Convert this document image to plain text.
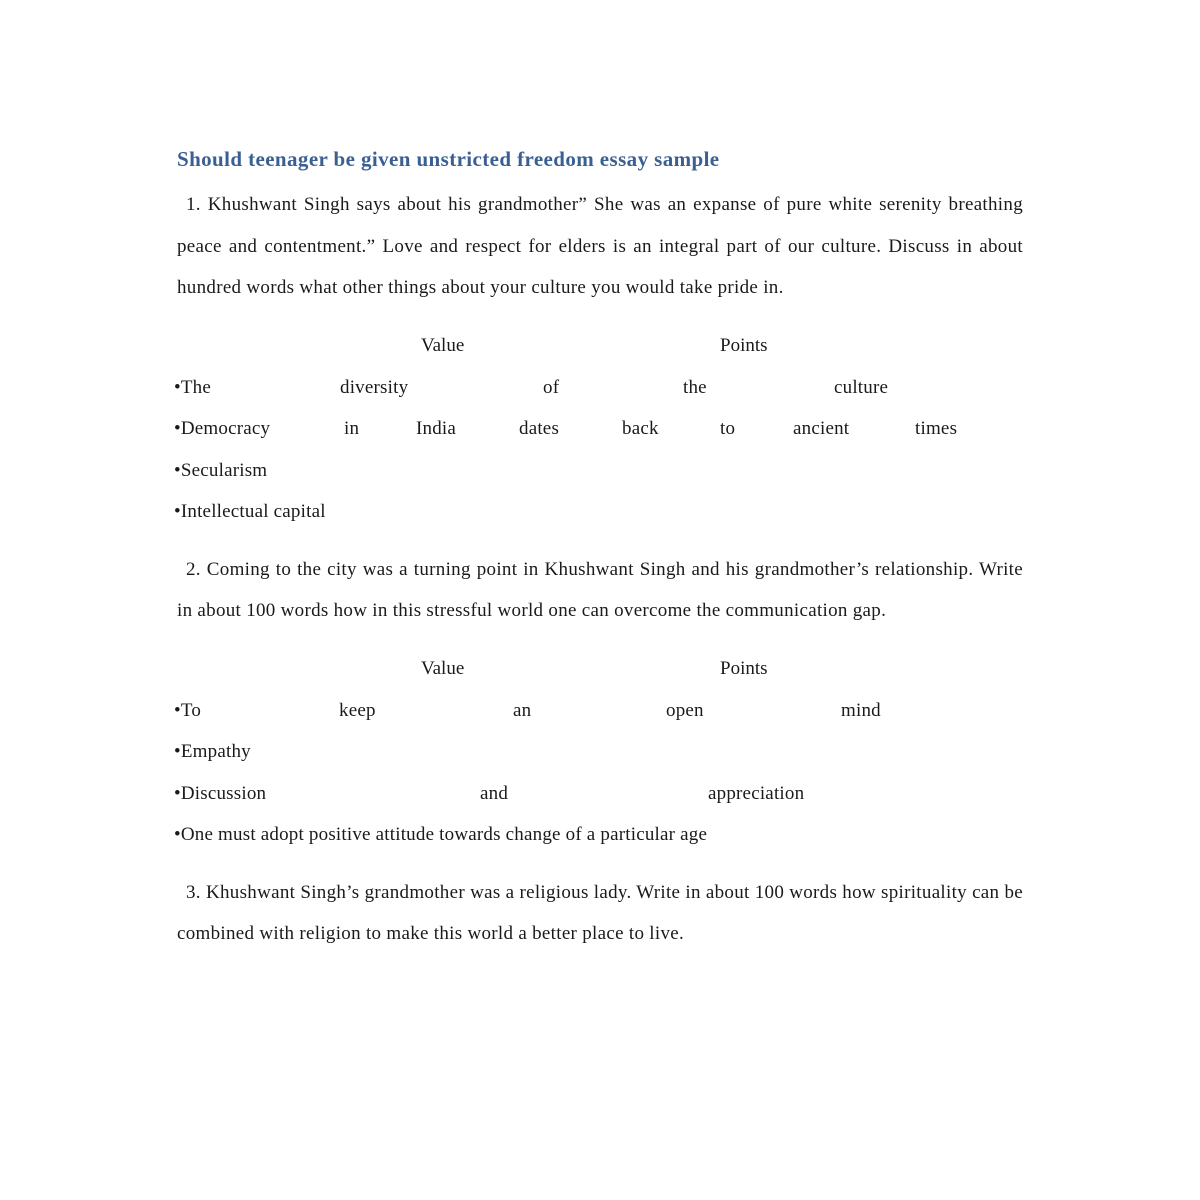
Should teenager be given unstricted freedom essay sample

1. Khushwant Singh says about his grandmother” She was an expanse of pure white serenity breathing peace and contentment.” Love and respect for elders is an integral part of our culture. Discuss in about hundred words what other things about your culture you would take pride in.

Value	Points
•The	diversity	of	the	culture
•Democracy	in	India	dates	back	to	ancient	times
•Secularism
•Intellectual capital

2. Coming to the city was a turning point in Khushwant Singh and his grandmother’s relationship. Write in about 100 words how in this stressful world one can overcome the communication gap.

Value	Points
•To	keep	an	open	mind
•Empathy
•Discussion	and	appreciation
•One must adopt positive attitude towards change of a particular age

3. Khushwant Singh’s grandmother was a religious lady. Write in about 100 words how spirituality can be combined with religion to make this world a better place to live.
